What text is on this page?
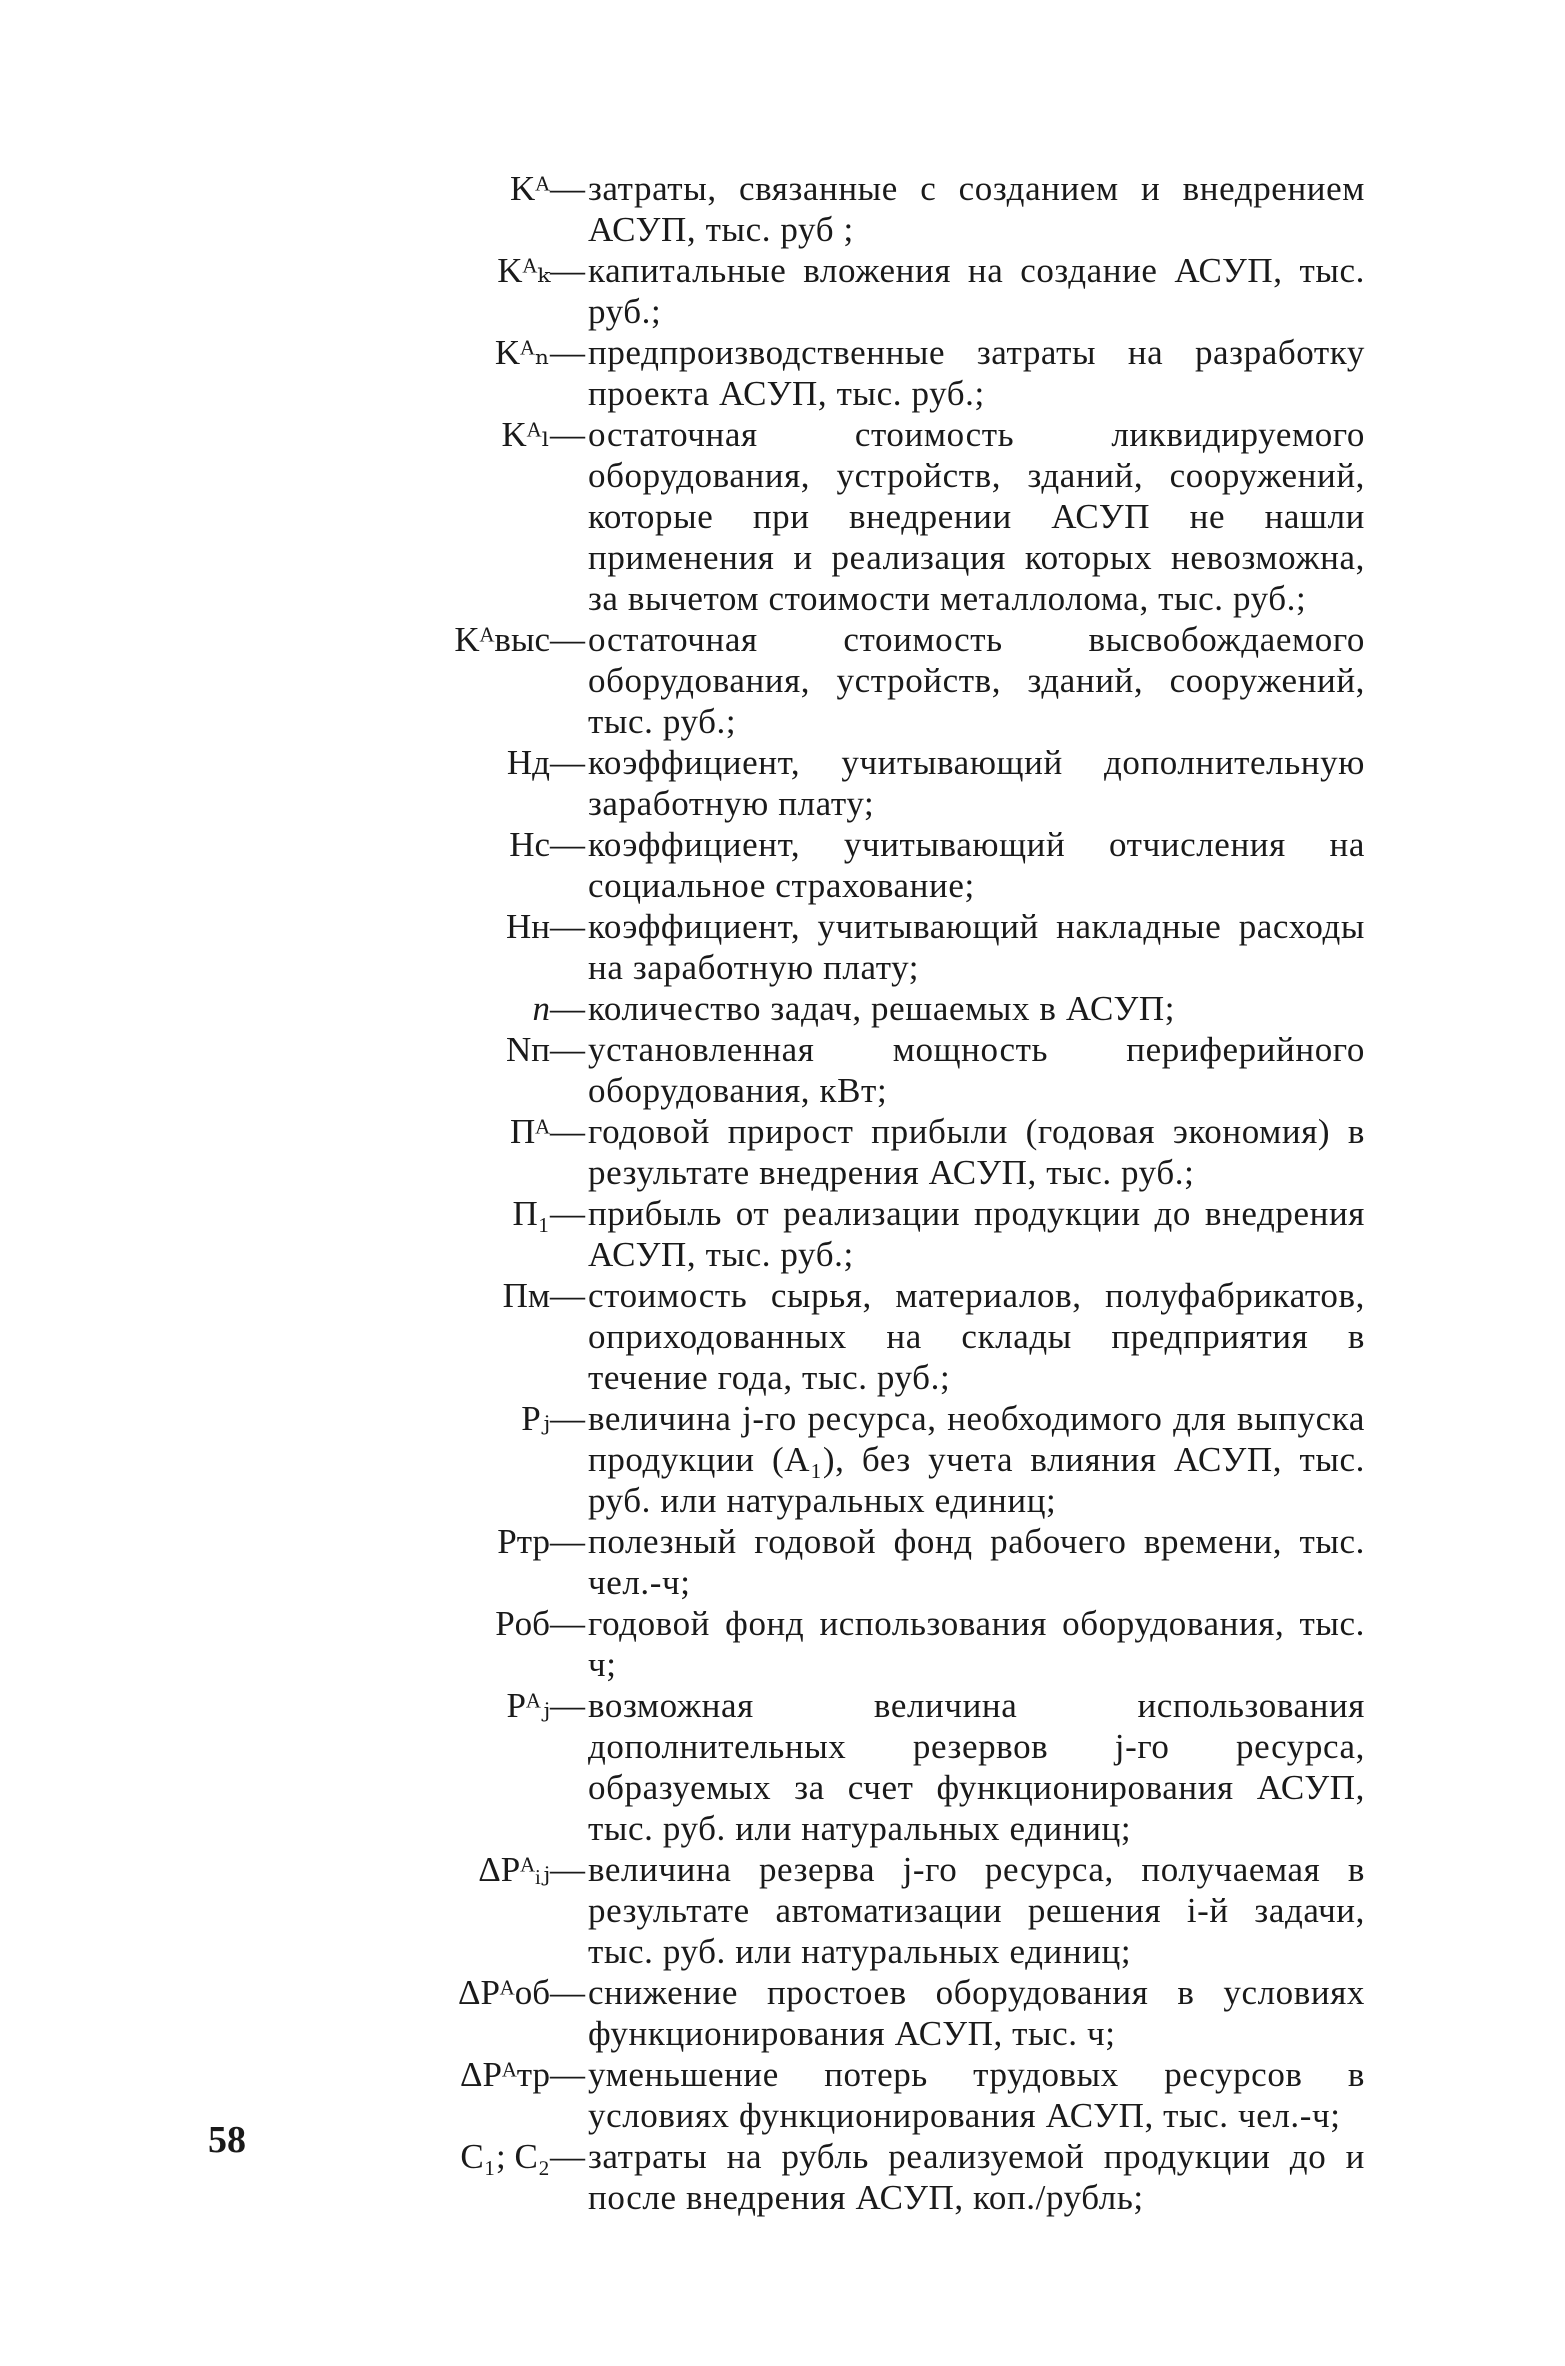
Kᴬ — затраты, связанные с созданием и внедрением АСУП, тыс. руб ;
Kᴬₖ — капитальные вложения на создание АСУП, тыс. руб.;
Kᴬₙ — предпроизводственные затраты на разработку проекта АСУП, тыс. руб.;
Kᴬₗ — остаточная стоимость ликвидируемого оборудования, устройств, зданий, сооружений, которые при внедрении АСУП не нашли применения и реализация которых невозможна, за вычетом стоимости металлолома, тыс. руб.;
Kᴬвыс — остаточная стоимость высвобождаемого оборудования, устройств, зданий, сооружений, тыс. руб.;
Hд — коэффициент, учитывающий дополнительную заработную плату;
Hс — коэффициент, учитывающий отчисления на социальное страхование;
Hн — коэффициент, учитывающий накладные расходы на заработную плату;
n — количество задач, решаемых в АСУП;
Nп — установленная мощность периферийного оборудования, кВт;
Пᴬ — годовой прирост прибыли (годовая экономия) в результате внедрения АСУП, тыс. руб.;
П₁ — прибыль от реализации продукции до внедрения АСУП, тыс. руб.;
Пм — стоимость сырья, материалов, полуфабрикатов, оприходованных на склады предприятия в течение года, тыс. руб.;
Pⱼ — величина j-го ресурса, необходимого для выпуска продукции (A₁), без учета влияния АСУП, тыс. руб. или натуральных единиц;
Pтр — полезный годовой фонд рабочего времени, тыс. чел.-ч;
Pоб — годовой фонд использования оборудования, тыс. ч;
Pᴬⱼ — возможная величина использования дополнительных резервов j-го ресурса, образуемых за счет функционирования АСУП, тыс. руб. или натуральных единиц;
ΔPᴬᵢⱼ — величина резерва j-го ресурса, получаемая в результате автоматизации решения i-й задачи, тыс. руб. или натуральных единиц;
ΔPᴬоб — снижение простоев оборудования в условиях функционирования АСУП, тыс. ч;
ΔPᴬтр — уменьшение потерь трудовых ресурсов в условиях функционирования АСУП, тыс. чел.-ч;
C₁; C₂ — затраты на рубль реализуемой продукции до и после внедрения АСУП, коп./рубль;
58
